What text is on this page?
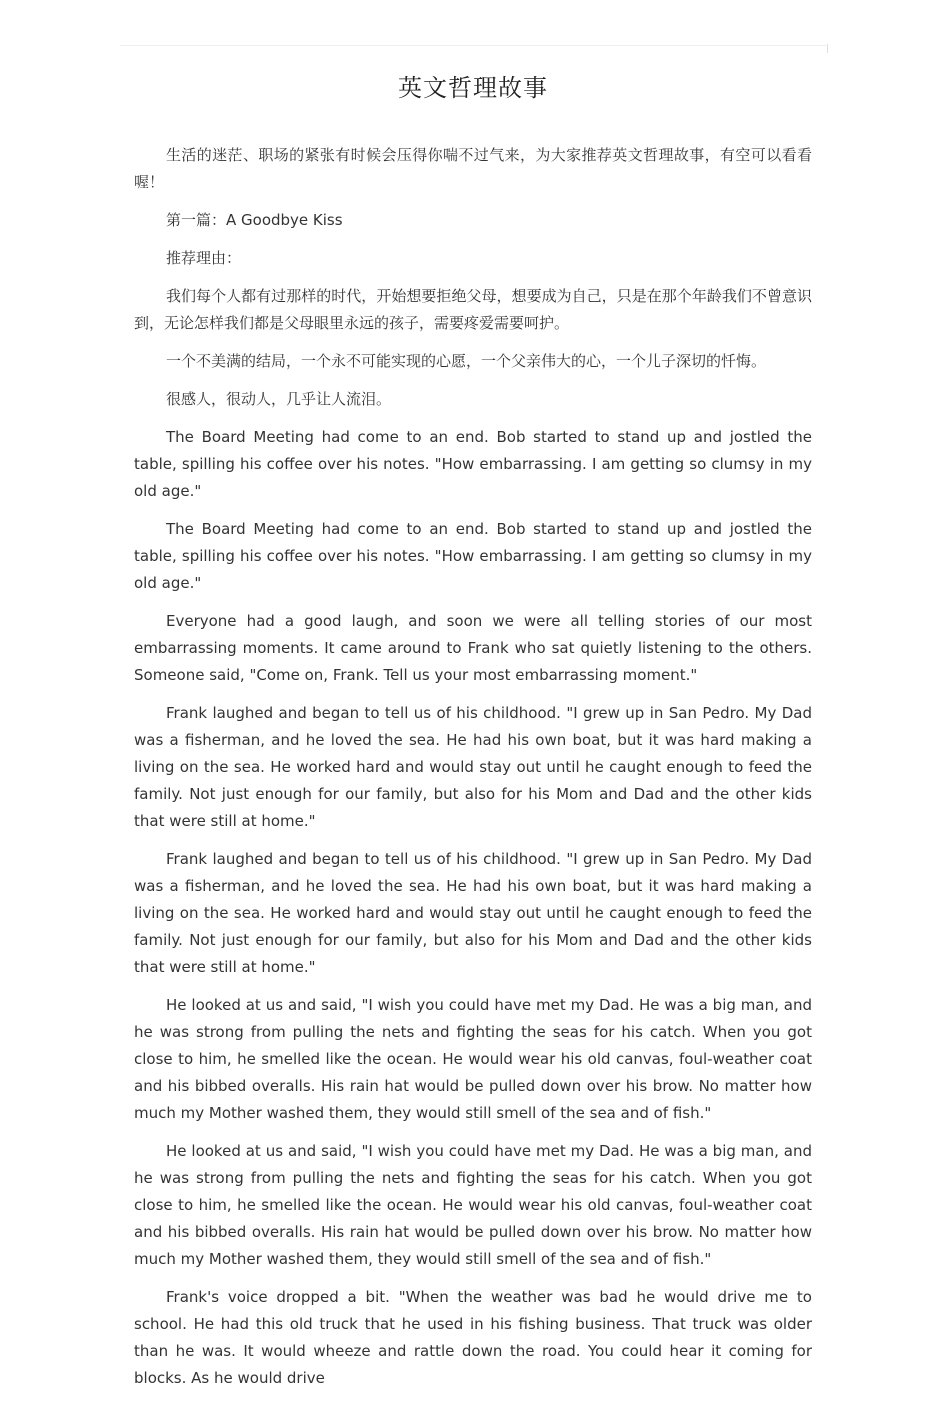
英文哲理故事

生活的迷茫、职场的紧张有时候会压得你喘不过气来，为大家推荐英文哲理故事，有空可以看看喔！

第一篇：A Goodbye Kiss

推荐理由：

我们每个人都有过那样的时代，开始想要拒绝父母，想要成为自己，只是在那个年龄我们不曾意识到，无论怎样我们都是父母眼里永远的孩子，需要疼爱需要呵护。

一个不美满的结局，一个永不可能实现的心愿，一个父亲伟大的心，一个儿子深切的忏悔。

很感人，很动人，几乎让人流泪。

The Board Meeting had come to an end. Bob started to stand up and jostled the table, spilling his coffee over his notes. "How embarrassing. I am getting so clumsy in my old age."

The Board Meeting had come to an end. Bob started to stand up and jostled the table, spilling his coffee over his notes. "How embarrassing. I am getting so clumsy in my old age."

Everyone had a good laugh, and soon we were all telling stories of our most embarrassing moments. It came around to Frank who sat quietly listening to the others. Someone said, "Come on, Frank. Tell us your most embarrassing moment."

Frank laughed and began to tell us of his childhood. "I grew up in San Pedro. My Dad was a fisherman, and he loved the sea. He had his own boat, but it was hard making a living on the sea. He worked hard and would stay out until he caught enough to feed the family. Not just enough for our family, but also for his Mom and Dad and the other kids that were still at home."

Frank laughed and began to tell us of his childhood. "I grew up in San Pedro. My Dad was a fisherman, and he loved the sea. He had his own boat, but it was hard making a living on the sea. He worked hard and would stay out until he caught enough to feed the family. Not just enough for our family, but also for his Mom and Dad and the other kids that were still at home."

He looked at us and said, "I wish you could have met my Dad. He was a big man, and he was strong from pulling the nets and fighting the seas for his catch. When you got close to him, he smelled like the ocean. He would wear his old canvas, foul-weather coat and his bibbed overalls. His rain hat would be pulled down over his brow. No matter how much my Mother washed them, they would still smell of the sea and of fish."

He looked at us and said, "I wish you could have met my Dad. He was a big man, and he was strong from pulling the nets and fighting the seas for his catch. When you got close to him, he smelled like the ocean. He would wear his old canvas, foul-weather coat and his bibbed overalls. His rain hat would be pulled down over his brow. No matter how much my Mother washed them, they would still smell of the sea and of fish."

Frank's voice dropped a bit. "When the weather was bad he would drive me to school. He had this old truck that he used in his fishing business. That truck was older than he was. It would wheeze and rattle down the road. You could hear it coming for blocks. As he would drive
